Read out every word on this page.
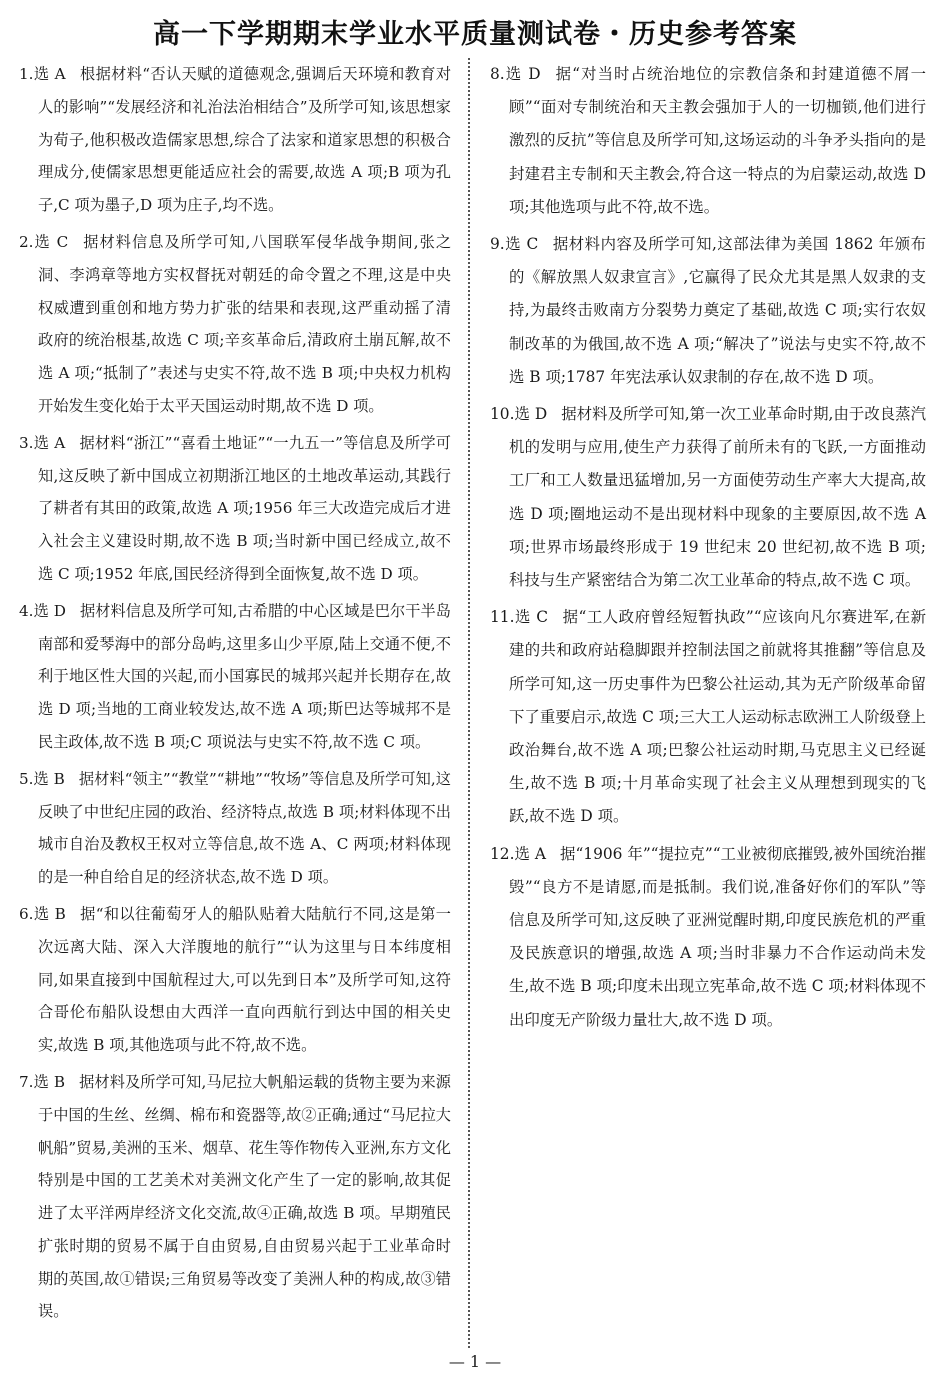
高一下学期期末学业水平质量测试卷・历史参考答案

1.选 A 根据材料“否认天赋的道德观念,强调后天环境和教育对人的影响”“发展经济和礼治法治相结合”及所学可知,该思想家为荀子,他积极改造儒家思想,综合了法家和道家思想的积极合理成分,使儒家思想更能适应社会的需要,故选 A 项;B 项为孔子,C 项为墨子,D 项为庄子,均不选。

2.选 C 据材料信息及所学可知,八国联军侵华战争期间,张之洞、李鸿章等地方实权督抚对朝廷的命令置之不理,这是中央权威遭到重创和地方势力扩张的结果和表现,这严重动摇了清政府的统治根基,故选 C 项;辛亥革命后,清政府土崩瓦解,故不选 A 项;“抵制了”表述与史实不符,故不选 B 项;中央权力机构开始发生变化始于太平天国运动时期,故不选 D 项。

3.选 A 据材料“浙江”“喜看土地证”“一九五一”等信息及所学可知,这反映了新中国成立初期浙江地区的土地改革运动,其践行了耕者有其田的政策,故选 A 项;1956 年三大改造完成后才进入社会主义建设时期,故不选 B 项;当时新中国已经成立,故不选 C 项;1952 年底,国民经济得到全面恢复,故不选 D 项。

4.选 D 据材料信息及所学可知,古希腊的中心区域是巴尔干半岛南部和爱琴海中的部分岛屿,这里多山少平原,陆上交通不便,不利于地区性大国的兴起,而小国寡民的城邦兴起并长期存在,故选 D 项;当地的工商业较发达,故不选 A 项;斯巴达等城邦不是民主政体,故不选 B 项;C 项说法与史实不符,故不选 C 项。

5.选 B 据材料“领主”“教堂”“耕地”“牧场”等信息及所学可知,这反映了中世纪庄园的政治、经济特点,故选 B 项;材料体现不出城市自治及教权王权对立等信息,故不选 A、C 两项;材料体现的是一种自给自足的经济状态,故不选 D 项。

6.选 B 据“和以往葡萄牙人的船队贴着大陆航行不同,这是第一次远离大陆、深入大洋腹地的航行”“认为这里与日本纬度相同,如果直接到中国航程过大,可以先到日本”及所学可知,这符合哥伦布船队设想由大西洋一直向西航行到达中国的相关史实,故选 B 项,其他选项与此不符,故不选。

7.选 B 据材料及所学可知,马尼拉大帆船运载的货物主要为来源于中国的生丝、丝绸、棉布和瓷器等,故②正确;通过“马尼拉大帆船”贸易,美洲的玉米、烟草、花生等作物传入亚洲,东方文化特别是中国的工艺美术对美洲文化产生了一定的影响,故其促进了太平洋两岸经济文化交流,故④正确,故选 B 项。早期殖民扩张时期的贸易不属于自由贸易,自由贸易兴起于工业革命时期的英国,故①错误;三角贸易等改变了美洲人种的构成,故③错误。

8.选 D 据“对当时占统治地位的宗教信条和封建道德不屑一顾”“面对专制统治和天主教会强加于人的一切枷锁,他们进行激烈的反抗”等信息及所学可知,这场运动的斗争矛头指向的是封建君主专制和天主教会,符合这一特点的为启蒙运动,故选 D 项;其他选项与此不符,故不选。

9.选 C 据材料内容及所学可知,这部法律为美国 1862 年颁布的《解放黑人奴隶宣言》,它赢得了民众尤其是黑人奴隶的支持,为最终击败南方分裂势力奠定了基础,故选 C 项;实行农奴制改革的为俄国,故不选 A 项;“解决了”说法与史实不符,故不选 B 项;1787 年宪法承认奴隶制的存在,故不选 D 项。

10.选 D 据材料及所学可知,第一次工业革命时期,由于改良蒸汽机的发明与应用,使生产力获得了前所未有的飞跃,一方面推动工厂和工人数量迅猛增加,另一方面使劳动生产率大大提高,故选 D 项;圈地运动不是出现材料中现象的主要原因,故不选 A 项;世界市场最终形成于 19 世纪末 20 世纪初,故不选 B 项;科技与生产紧密结合为第二次工业革命的特点,故不选 C 项。

11.选 C 据“工人政府曾经短暂执政”“应该向凡尔赛进军,在新建的共和政府站稳脚跟并控制法国之前就将其推翻”等信息及所学可知,这一历史事件为巴黎公社运动,其为无产阶级革命留下了重要启示,故选 C 项;三大工人运动标志欧洲工人阶级登上政治舞台,故不选 A 项;巴黎公社运动时期,马克思主义已经诞生,故不选 B 项;十月革命实现了社会主义从理想到现实的飞跃,故不选 D 项。

12.选 A 据“1906 年”“提拉克”“工业被彻底摧毁,被外国统治摧毁”“良方不是请愿,而是抵制。我们说,准备好你们的军队”等信息及所学可知,这反映了亚洲觉醒时期,印度民族危机的严重及民族意识的增强,故选 A 项;当时非暴力不合作运动尚未发生,故不选 B 项;印度未出现立宪革命,故不选 C 项;材料体现不出印度无产阶级力量壮大,故不选 D 项。

— 1 —
